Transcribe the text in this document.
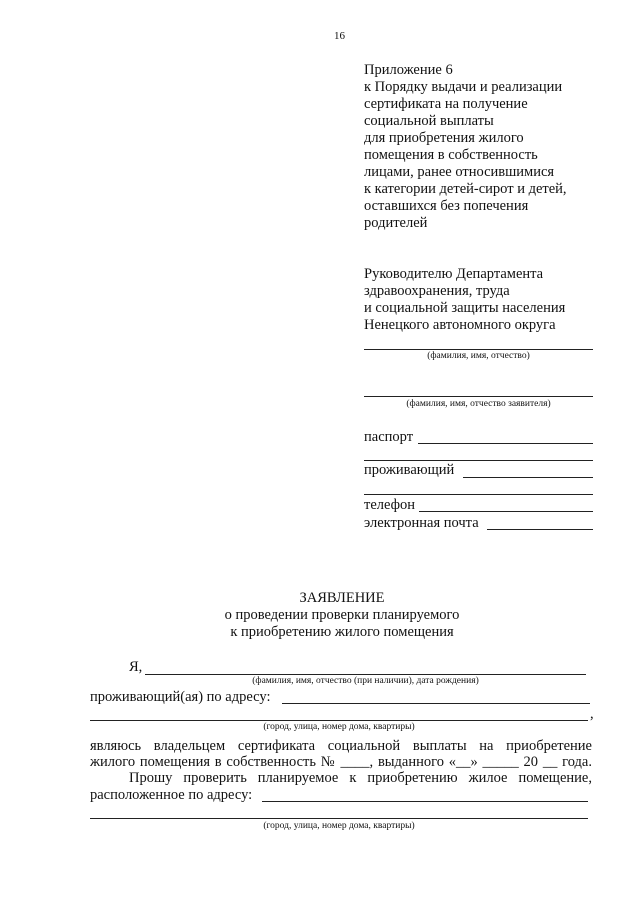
16
Приложение 6
к Порядку выдачи и реализации
сертификата на получение
социальной выплаты
для приобретения жилого
помещения в собственность
лицами, ранее относившимися
к категории детей-сирот и детей,
оставшихся без попечения
родителей
Руководителю Департамента
здравоохранения, труда
и социальной защиты населения
Ненецкого автономного округа
(фамилия, имя, отчество)
(фамилия, имя, отчество заявителя)
паспорт
проживающий
телефон
электронная почта
ЗАЯВЛЕНИЕ
о проведении проверки планируемого
к приобретению жилого помещения
Я,
(фамилия, имя, отчество (при наличии), дата рождения)
проживающий(ая) по адресу:
,
(город, улица, номер дома, квартиры)
являюсь владельцем сертификата социальной выплаты на приобретение
жилого помещения в собственность № ____, выданного «__» _____ 20 __ года.
Прошу проверить планируемое к приобретению жилое помещение,
расположенное по адресу:
(город, улица, номер дома, квартиры)
